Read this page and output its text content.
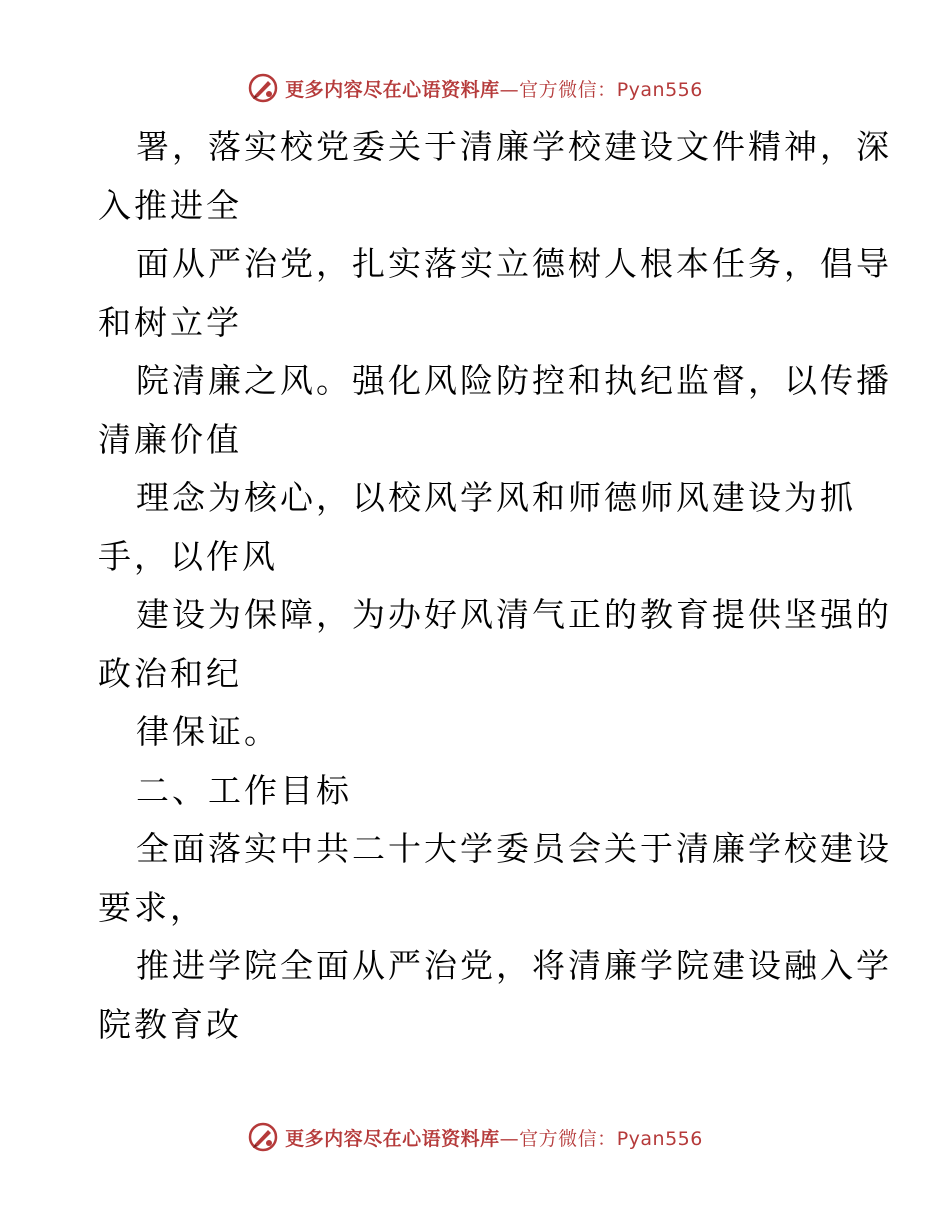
更多内容尽在心语资料库—官方微信：Pyan556
署，落实校党委关于清廉学校建设文件精神，深
入推进全
面从严治党，扎实落实立德树人根本任务，倡导
和树立学
院清廉之风。强化风险防控和执纪监督，以传播
清廉价值
理念为核心，以校风学风和师德师风建设为抓
手，以作风
建设为保障，为办好风清气正的教育提供坚强的
政治和纪
律保证。
二、工作目标
全面落实中共二十大学委员会关于清廉学校建设
要求，
推进学院全面从严治党，将清廉学院建设融入学
院教育改
更多内容尽在心语资料库—官方微信：Pyan556
